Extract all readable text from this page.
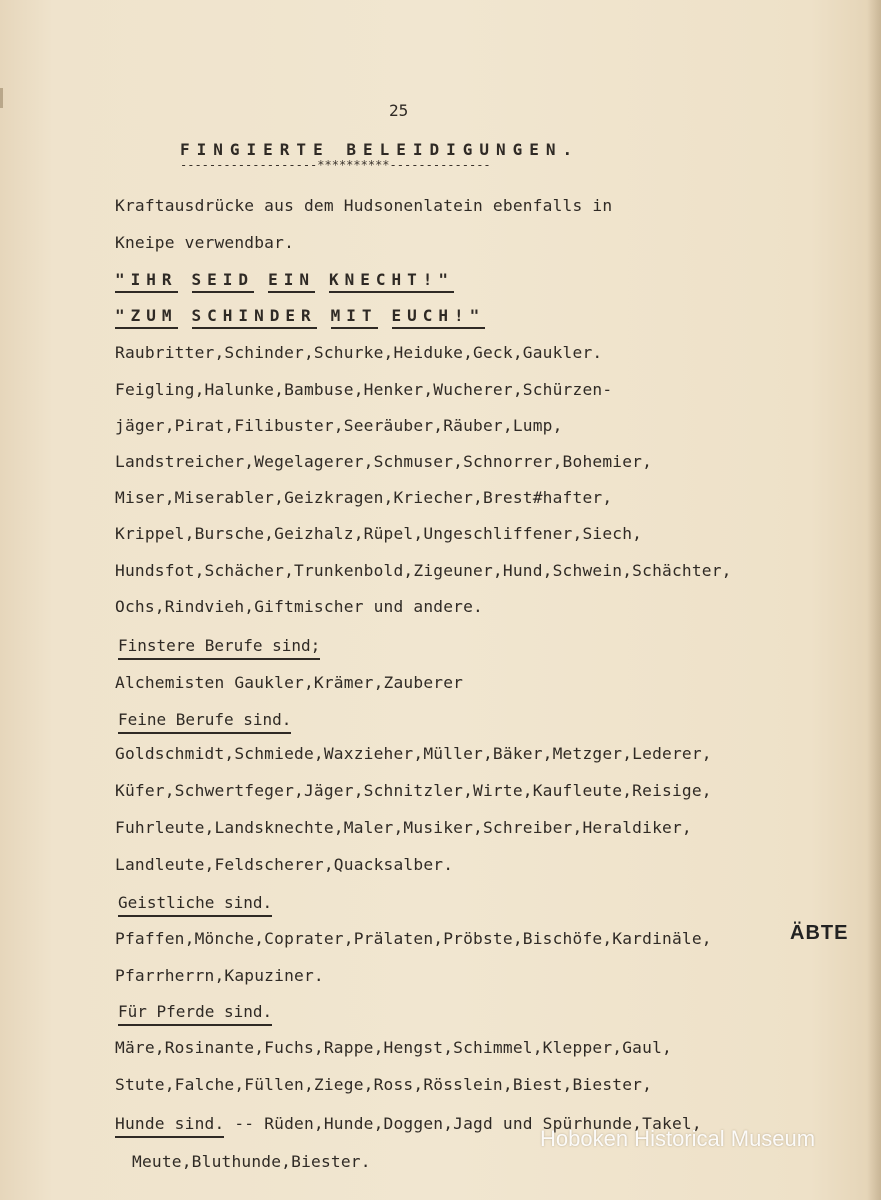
25
FINGIERTE BELEIDIGUNGEN.
-------------------**********--------------
Kraftausdrücke aus dem Hudsonenlatein ebenfalls in
Kneipe verwendbar.
"IHR SEID EIN KNECHT!"
"ZUM SCHINDER MIT EUCH!"
Raubritter,Schinder,Schurke,Heiduke,Geck,Gaukler.
Feigling,Halunke,Bambuse,Henker,Wucherer,Schürzen-
jäger,Pirat,Filibuster,Seeräuber,Räuber,Lump,
Landstreicher,Wegelagerer,Schmuser,Schnorrer,Bohemier,
Miser,Miserabler,Geizkragen,Kriecher,Brest#hafter,
Krippel,Bursche,Geizhalz,Rüpel,Ungeschliffener,Siech,
Hundsfot,Schächer,Trunkenbold,Zigeuner,Hund,Schwein,Schächter,
Ochs,Rindvieh,Giftmischer und andere.
Finstere Berufe sind;
Alchemisten Gaukler,Krämer,Zauberer
Feine Berufe sind.
Goldschmidt,Schmiede,Waxzieher,Müller,Bäker,Metzger,Lederer,
Küfer,Schwertfeger,Jäger,Schnitzler,Wirte,Kaufleute,Reisige,
Fuhrleute,Landsknechte,Maler,Musiker,Schreiber,Heraldiker,
Landleute,Feldscherer,Quacksalber.
Geistliche sind.
Pfaffen,Mönche,Coprater,Prälaten,Pröbste,Bischöfe,Kardinäle,	ÄBTE
Pfarrherrn,Kapuziner.
Für Pferde sind.
Märe,Rosinante,Fuchs,Rappe,Hengst,Schimmel,Klepper,Gaul,
Stute,Falche,Füllen,Ziege,Ross,Rösslein,Biest,Biester,
Hunde sind. -- Rüden,Hunde,Doggen,Jagd und Spürhunde,Takel,
Meute,Bluthunde,Biester.
Hoboken Historical Museum
